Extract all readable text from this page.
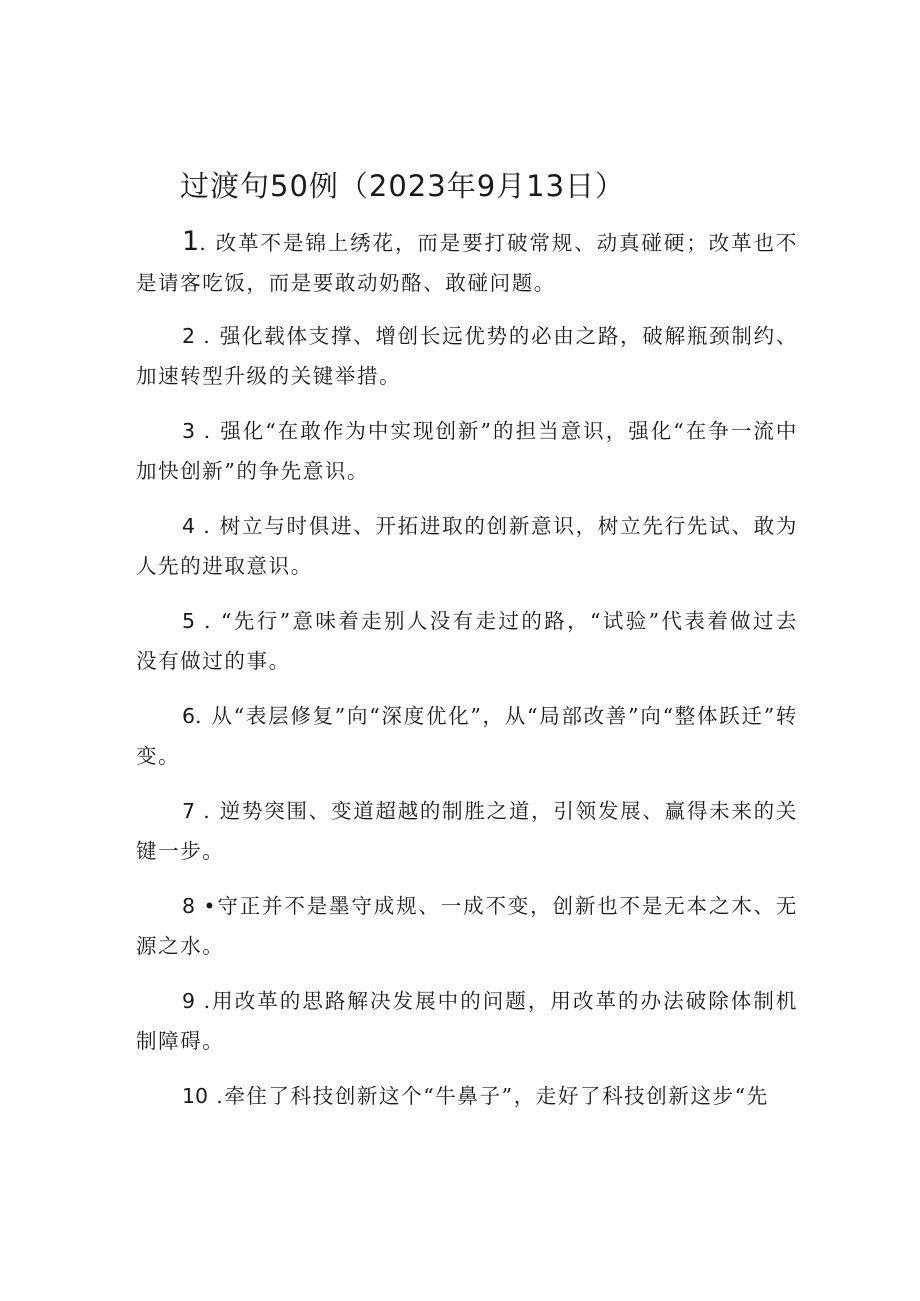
过渡句50例（2023年9月13日）
1. 改革不是锦上绣花，而是要打破常规、动真碰硬；改革也不是请客吃饭，而是要敢动奶酪、敢碰问题。
2 . 强化载体支撑、增创长远优势的必由之路，破解瓶颈制约、加速转型升级的关键举措。
3 . 强化“在敢作为中实现创新”的担当意识，强化“在争一流中加快创新”的争先意识。
4 . 树立与时俱进、开拓进取的创新意识，树立先行先试、敢为人先的进取意识。
5 . “先行”意味着走别人没有走过的路，“试验”代表着做过去没有做过的事。
6. 从“表层修复”向“深度优化”，从“局部改善”向“整体跃迁”转变。
7 . 逆势突围、变道超越的制胜之道，引领发展、赢得未来的关键一步。
8 •守正并不是墨守成规、一成不变，创新也不是无本之木、无源之水。
9 .用改革的思路解决发展中的问题，用改革的办法破除体制机制障碍。
10 .牵住了科技创新这个“牛鼻子”，走好了科技创新这步“先
